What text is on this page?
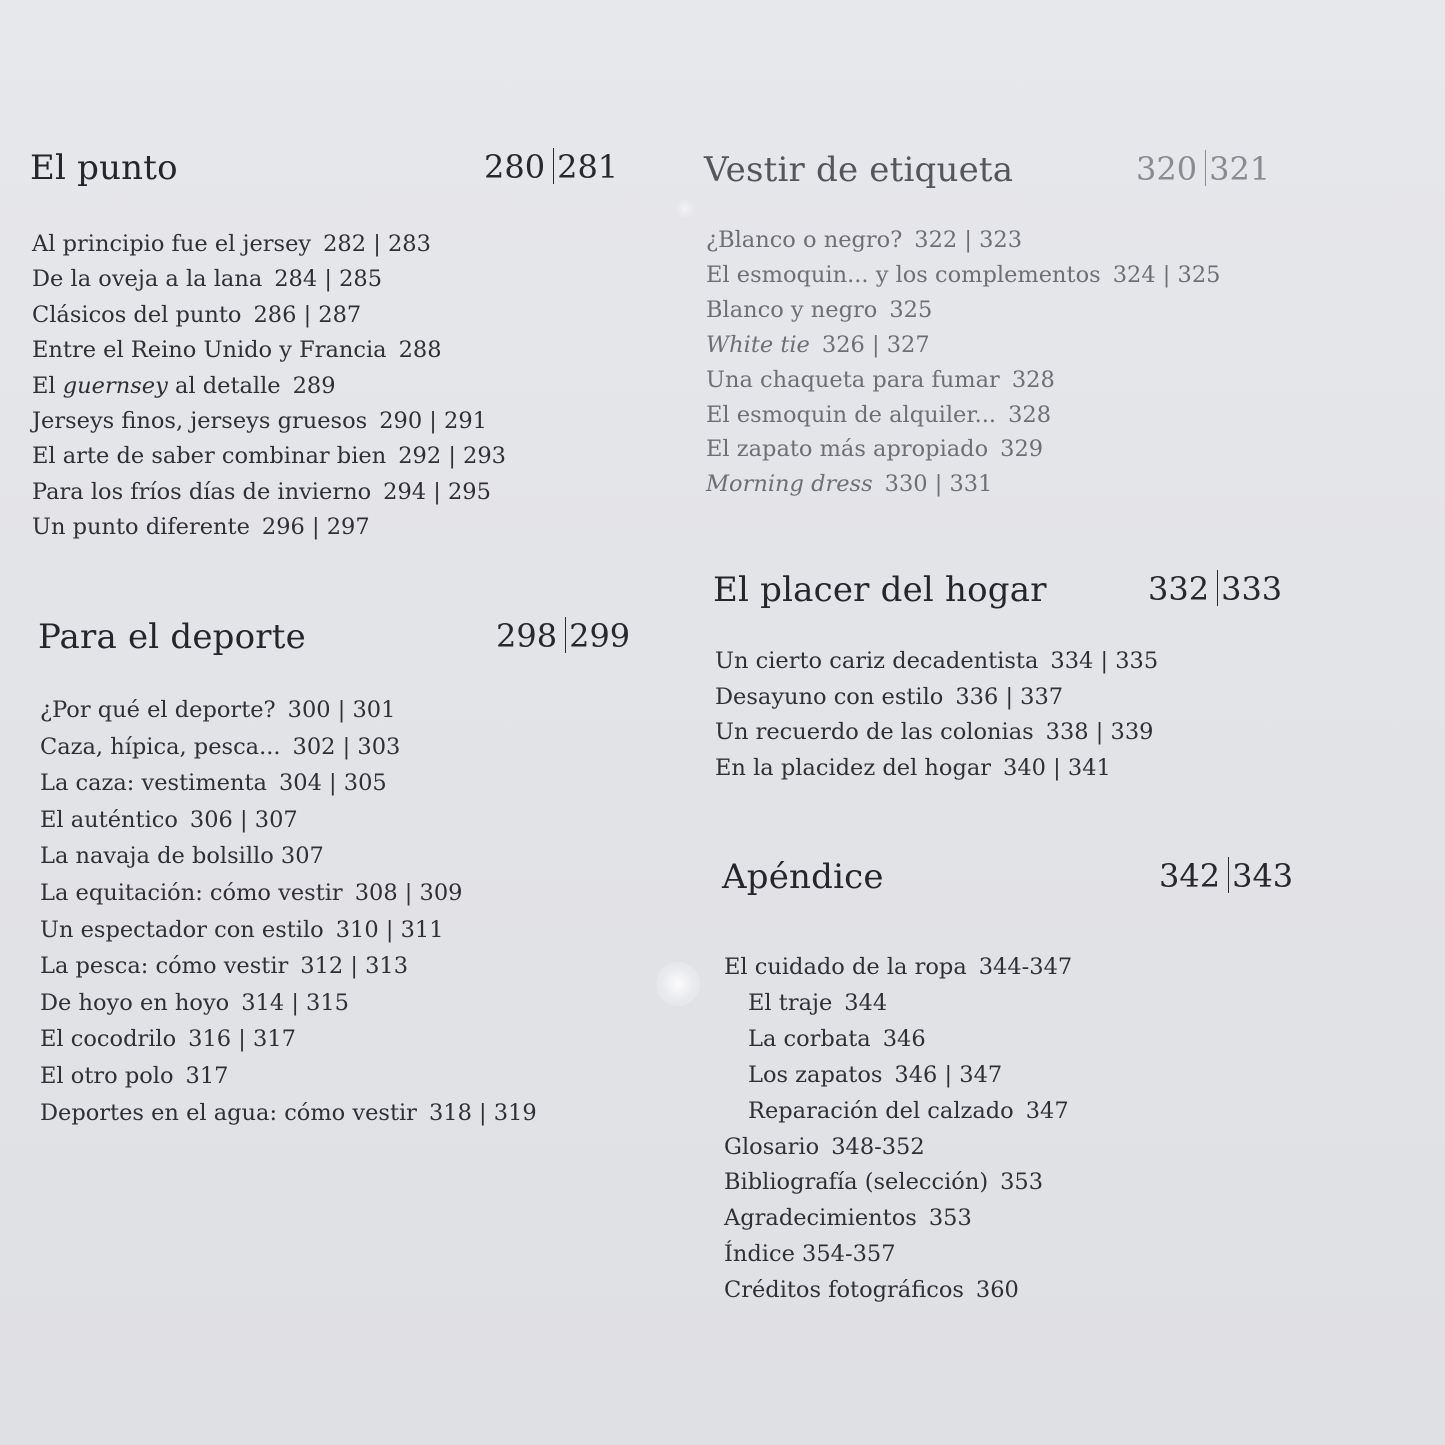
El punto	280 281
Al principio fue el jersey 282 | 283
De la oveja a la lana 284 | 285
Clásicos del punto 286 | 287
Entre el Reino Unido y Francia 288
El guernsey al detalle 289
Jerseys finos, jerseys gruesos 290 | 291
El arte de saber combinar bien 292 | 293
Para los fríos días de invierno 294 | 295
Un punto diferente 296 | 297
Para el deporte	298 299
¿Por qué el deporte? 300 | 301
Caza, hípica, pesca... 302 | 303
La caza: vestimenta 304 | 305
El auténtico 306 | 307
La navaja de bolsillo 307
La equitación: cómo vestir 308 | 309
Un espectador con estilo 310 | 311
La pesca: cómo vestir 312 | 313
De hoyo en hoyo 314 | 315
El cocodrilo 316 | 317
El otro polo 317
Deportes en el agua: cómo vestir 318 | 319
Vestir de etiqueta	320 321
¿Blanco o negro? 322 | 323
El esmoquin... y los complementos 324 | 325
Blanco y negro 325
White tie 326 | 327
Una chaqueta para fumar 328
El esmoquin de alquiler... 328
El zapato más apropiado 329
Morning dress 330 | 331
El placer del hogar	332 333
Un cierto cariz decadentista 334 | 335
Desayuno con estilo 336 | 337
Un recuerdo de las colonias 338 | 339
En la placidez del hogar 340 | 341
Apéndice	342 343
El cuidado de la ropa 344-347
El traje 344
La corbata 346
Los zapatos 346 | 347
Reparación del calzado 347
Glosario 348-352
Bibliografía (selección) 353
Agradecimientos 353
Índice 354-357
Créditos fotográficos 360
